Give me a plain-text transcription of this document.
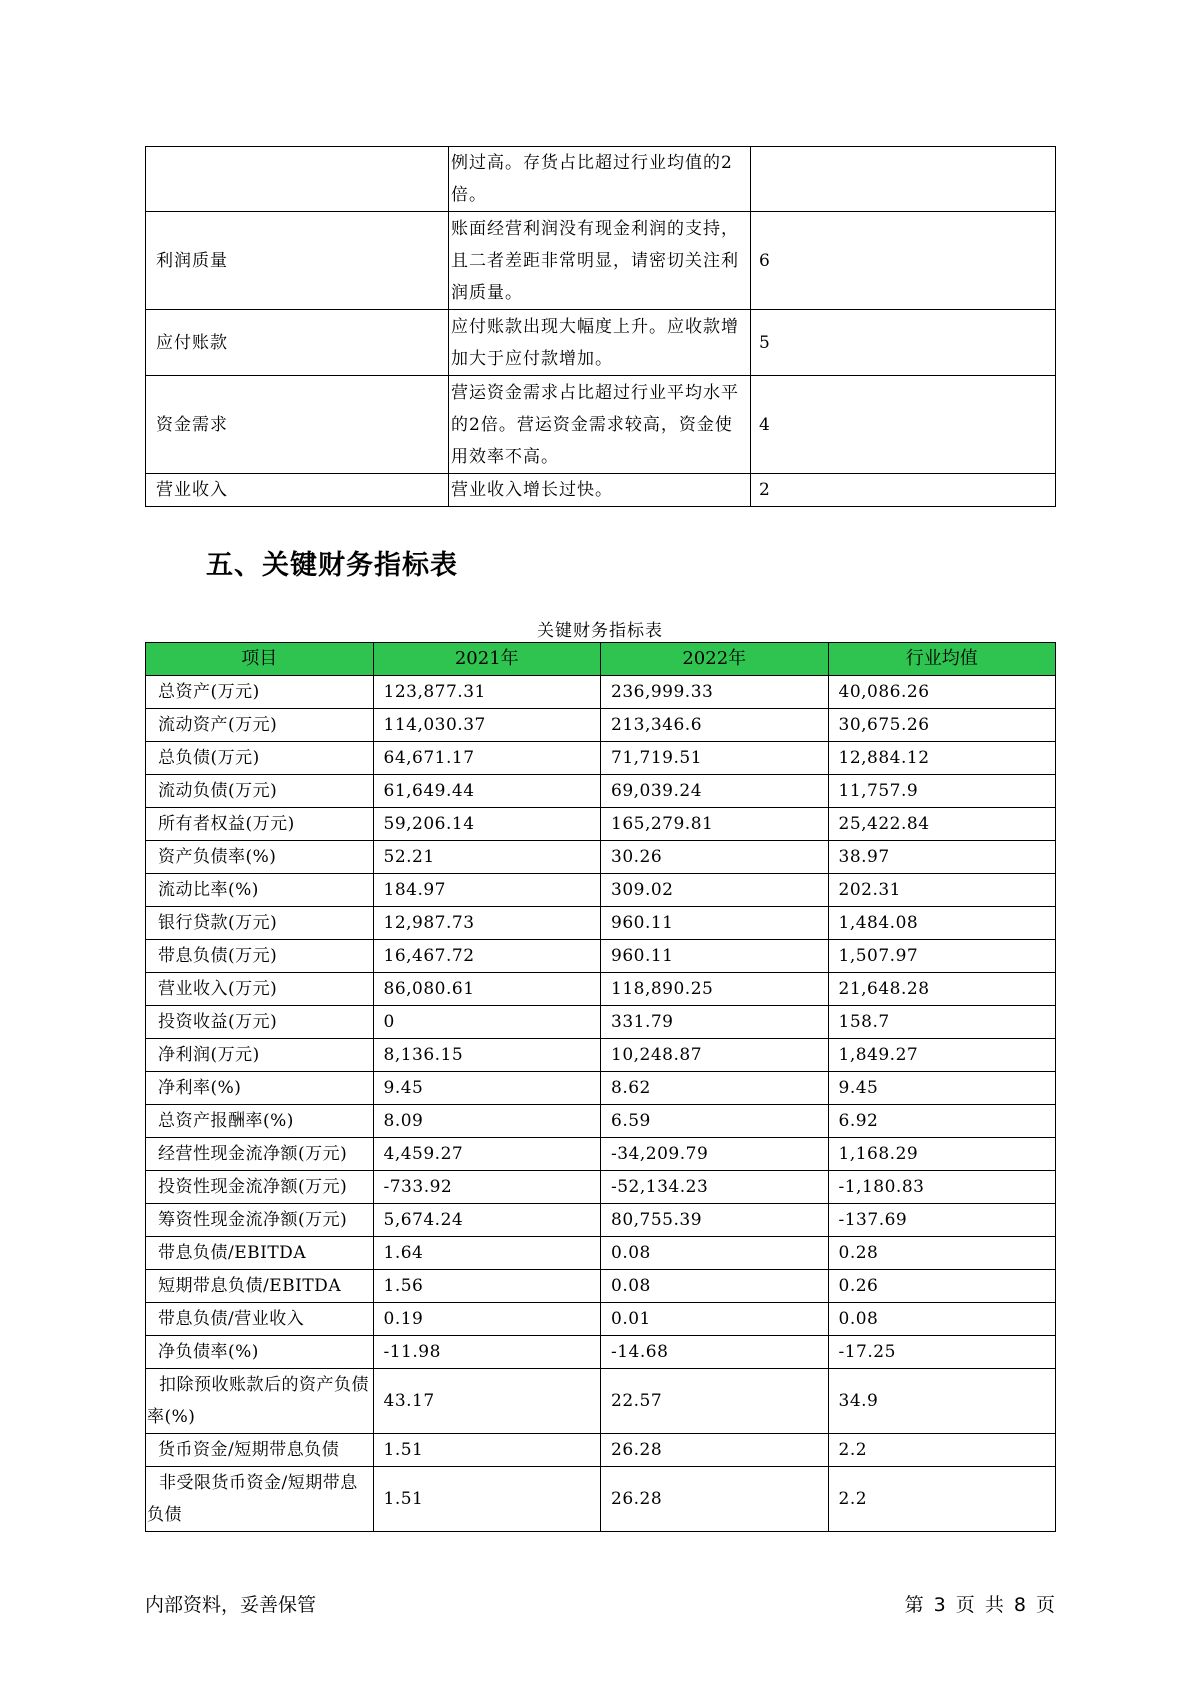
	例过高。存货占比超过行业均值的2倍。	
利润质量	账面经营利润没有现金利润的支持，且二者差距非常明显，请密切关注利润质量。	6
应付账款	应付账款出现大幅度上升。应收款增加大于应付款增加。	5
资金需求	营运资金需求占比超过行业平均水平的2倍。营运资金需求较高，资金使用效率不高。	4
营业收入	营业收入增长过快。	2
五、关键财务指标表
关键财务指标表
项目	2021年	2022年	行业均值
总资产(万元)	123,877.31	236,999.33	40,086.26
流动资产(万元)	114,030.37	213,346.6	30,675.26
总负债(万元)	64,671.17	71,719.51	12,884.12
流动负债(万元)	61,649.44	69,039.24	11,757.9
所有者权益(万元)	59,206.14	165,279.81	25,422.84
资产负债率(%)	52.21	30.26	38.97
流动比率(%)	184.97	309.02	202.31
银行贷款(万元)	12,987.73	960.11	1,484.08
带息负债(万元)	16,467.72	960.11	1,507.97
营业收入(万元)	86,080.61	118,890.25	21,648.28
投资收益(万元)	0	331.79	158.7
净利润(万元)	8,136.15	10,248.87	1,849.27
净利率(%)	9.45	8.62	9.45
总资产报酬率(%)	8.09	6.59	6.92
经营性现金流净额(万元)	4,459.27	-34,209.79	1,168.29
投资性现金流净额(万元)	-733.92	-52,134.23	-1,180.83
筹资性现金流净额(万元)	5,674.24	80,755.39	-137.69
带息负债/EBITDA	1.64	0.08	0.28
短期带息负债/EBITDA	1.56	0.08	0.26
带息负债/营业收入	0.19	0.01	0.08
净负债率(%)	-11.98	-14.68	-17.25
扣除预收账款后的资产负债率(%)	43.17	22.57	34.9
货币资金/短期带息负债	1.51	26.28	2.2
非受限货币资金/短期带息负债	1.51	26.28	2.2
内部资料，妥善保管	第 3 页 共 8 页
